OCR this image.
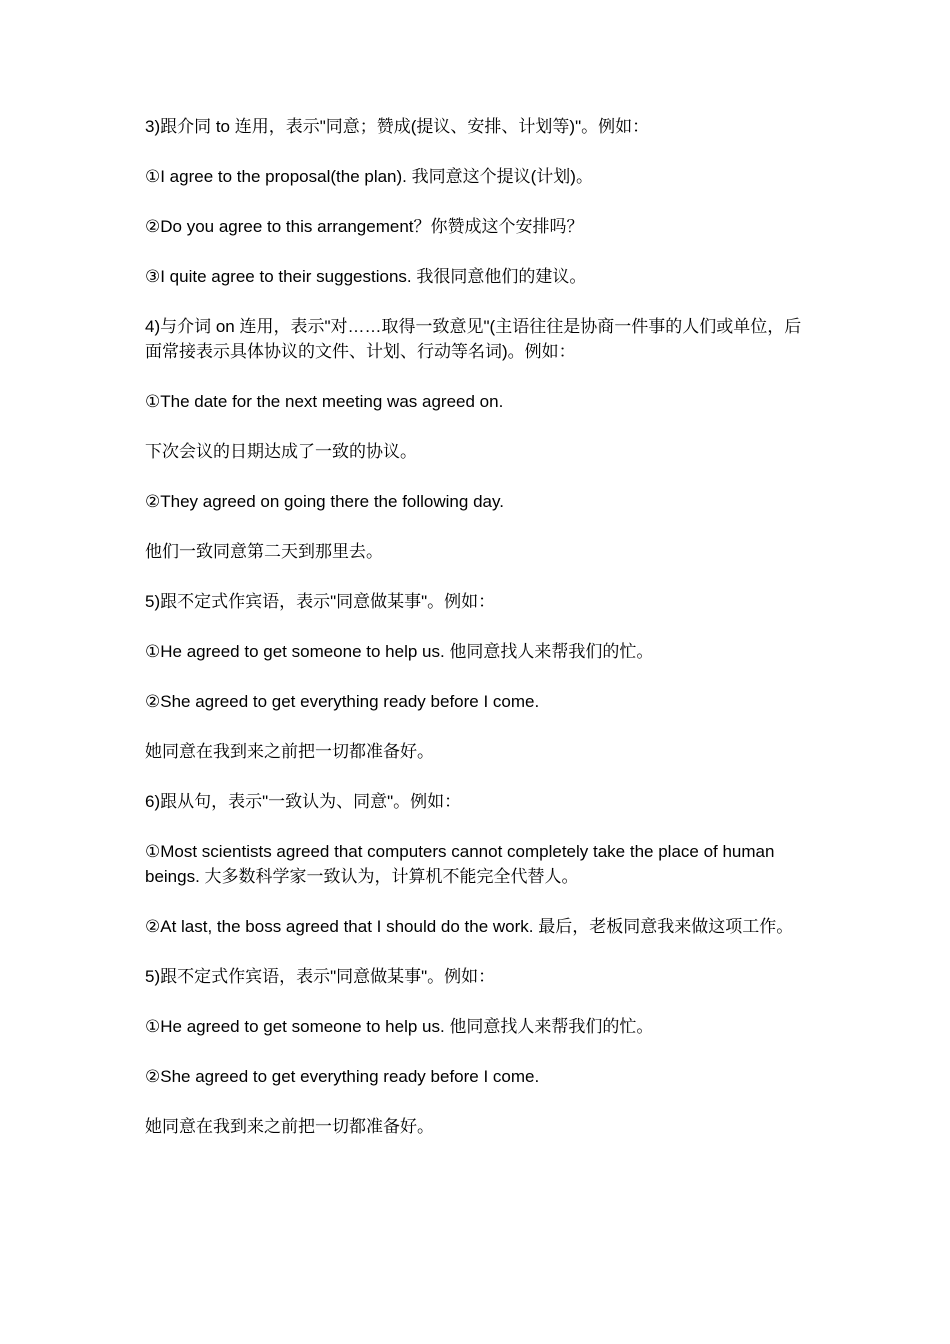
3)跟介同 to 连用，表示"同意；赞成(提议、安排、计划等)"。例如：

①I agree to the proposal(the plan). 我同意这个提议(计划)。

②Do you agree to this arrangement？你赞成这个安排吗？

③I quite agree to their suggestions. 我很同意他们的建议。

4)与介词 on 连用，表示"对……取得一致意见"(主语往往是协商一件事的人们或单位，后面常接表示具体协议的文件、计划、行动等名词)。例如：

①The date for the next meeting was agreed on.

下次会议的日期达成了一致的协议。

②They agreed on going there the following day.

他们一致同意第二天到那里去。

5)跟不定式作宾语，表示"同意做某事"。例如：

①He agreed to get someone to help us. 他同意找人来帮我们的忙。

②She agreed to get everything ready before I come.

她同意在我到来之前把一切都准备好。

6)跟从句，表示"一致认为、同意"。例如：

①Most scientists agreed that computers cannot completely take the place of human beings. 大多数科学家一致认为，计算机不能完全代替人。

②At last, the boss agreed that I should do the work. 最后，老板同意我来做这项工作。

5)跟不定式作宾语，表示"同意做某事"。例如：

①He agreed to get someone to help us. 他同意找人来帮我们的忙。

②She agreed to get everything ready before I come.

她同意在我到来之前把一切都准备好。
